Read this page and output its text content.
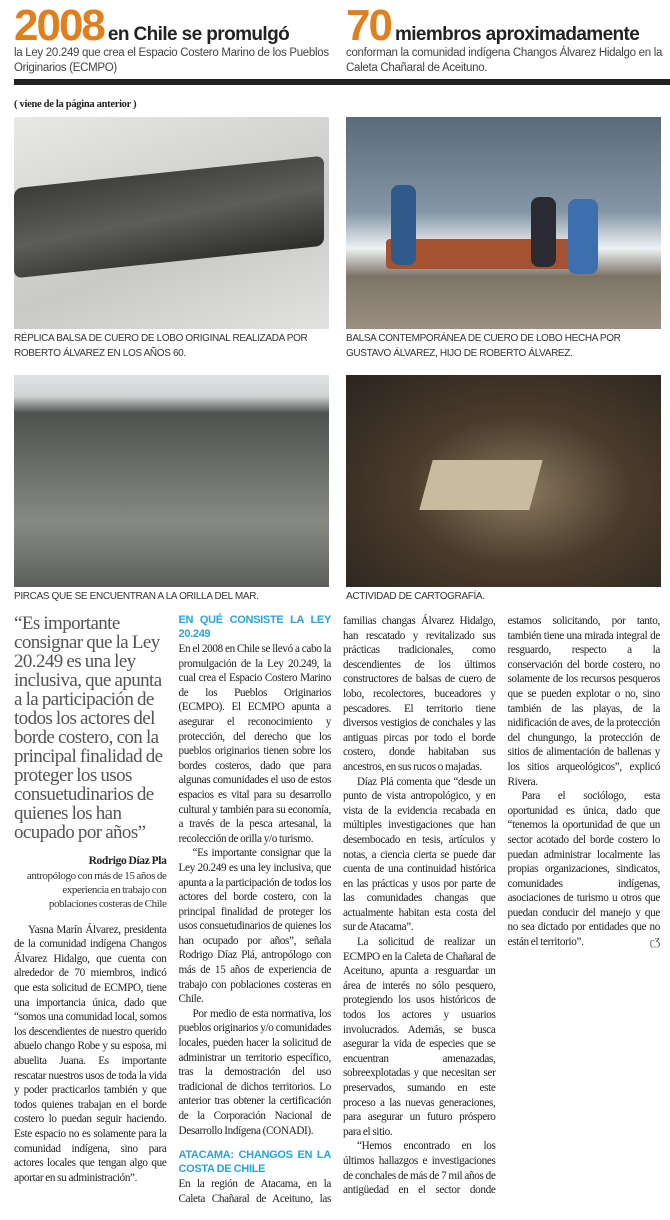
2008 en Chile se promulgó
la Ley 20.249 que crea el Espacio Costero Marino de los Pueblos Originarios (ECMPO)
70 miembros aproximadamente
conforman la comunidad indígena Changos Álvarez Hidalgo en la Caleta Chañaral de Aceituno.
( viene de la página anterior )
RÉPLICA BALSA DE CUERO DE LOBO ORIGINAL REALIZADA POR ROBERTO ÁLVAREZ EN LOS AÑOS 60.
BALSA CONTEMPORÁNEA DE CUERO DE LOBO HECHA POR GUSTAVO ÁLVAREZ, HIJO DE ROBERTO ÁLVAREZ.
PIRCAS QUE SE ENCUENTRAN A LA ORILLA DEL MAR.	ACTIVIDAD DE CARTOGRAFÍA.
“Es importante consignar que la Ley 20.249 es una ley inclusiva, que apunta a la participación de todos los actores del borde costero, con la principal finalidad de proteger los usos consuetudinarios de quienes los han ocupado por años”
Rodrigo Díaz Pla
antropólogo con más de 15 años de experiencia en trabajo con poblaciones costeras de Chile

Yasna Marín Álvarez, presidenta de la comunidad indígena Changos Álvarez Hidalgo, que cuenta con alrededor de 70 miembros, indicó que esta solicitud de ECMPO, tiene una importancia única, dado que “somos una comunidad local, somos los descendientes de nuestro querido abuelo chango Robe y su esposa, mi abuelita Juana. Es importante rescatar nuestros usos de toda la vida y poder practicarlos también y que todos quienes trabajan en el borde costero lo puedan seguir haciendo. Este espacio no es solamente para la comunidad indígena, sino para actores locales que tengan algo que aportar en su administración”.

EN QUÉ CONSISTE LA LEY 20.249

En el 2008 en Chile se llevó a cabo la promulgación de la Ley 20.249, la cual crea el Espacio Costero Marino de los Pueblos Originarios (ECMPO). El ECMPO apunta a asegurar el reconocimiento y protección, del derecho que los pueblos originarios tienen sobre los bordes costeros, dado que para algunas comunidades el uso de estos espacios es vital para su desarrollo cultural y también para su economía, a través de la pesca artesanal, la recolección de orilla y/o turismo.

“Es importante consignar que la Ley 20.249 es una ley inclusiva, que apunta a la participación de todos los actores del borde costero, con la principal finalidad de proteger los usos consuetudinarios de quienes los han ocupado por años”, señala Rodrigo Díaz Plá, antropólogo con más de 15 años de experiencia de trabajo con poblaciones costeras en Chile.

Por medio de esta normativa, los pueblos originarios y/o comunidades locales, pueden hacer la solicitud de administrar un territorio específico, tras la demostración del uso tradicional de dichos territorios. Lo anterior tras obtener la certificación de la Corporación Nacional de Desarrollo Indígena (CONADI).

ATACAMA: CHANGOS EN LA COSTA DE CHILE

En la región de Atacama, en la Caleta Chañaral de Aceituno, las familias changas Álvarez Hidalgo, han rescatado y revitalizado sus prácticas tradicionales, como descendientes de los últimos constructores de balsas de cuero de lobo, recolectores, buceadores y pescadores. El territorio tiene diversos vestigios de conchales y las antiguas pircas por todo el borde costero, donde habitaban sus ancestros, en sus rucos o majadas.

Díaz Plá comenta que “desde un punto de vista antropológico, y en vista de la evidencia recabada en múltiples investigaciones que han desembocado en tesis, artículos y notas, a ciencia cierta se puede dar cuenta de una continuidad histórica en las prácticas y usos por parte de las comunidades changas que actualmente habitan esta costa del sur de Atacama”.

La solicitud de realizar un ECMPO en la Caleta de Chañaral de Aceituno, apunta a resguardar un área de interés no sólo pesquero, protegiendo los usos históricos de todos los actores y usuarios involucrados. Además, se busca asegurar la vida de especies que se encuentran amenazadas, sobreexplotadas y que necesitan ser preservados, sumando en este proceso a las nuevas generaciones, para asegurar un futuro próspero para el sitio.

“Hemos encontrado en los últimos hallazgos e investigaciones de conchales de más de 7 mil años de antigüedad en el sector donde estamos solicitando, por tanto, también tiene una mirada integral de resguardo, respecto a la conservación del borde costero, no solamente de los recursos pesqueros que se pueden explotar o no, sino también de las playas, de la nidificación de aves, de la protección del chungungo, la protección de sitios de alimentación de ballenas y los sitios arqueológicos”, explicó Rivera.

Para el sociólogo, esta oportunidad es única, dado que “tenemos la oportunidad de que un sector acotado del borde costero lo puedan administrar localmente las propias organizaciones, sindicatos, comunidades indígenas, asociaciones de turismo u otros que puedan conducir del manejo y que no sea dictado por entidades que no están el territorio”.	ʗƷ
